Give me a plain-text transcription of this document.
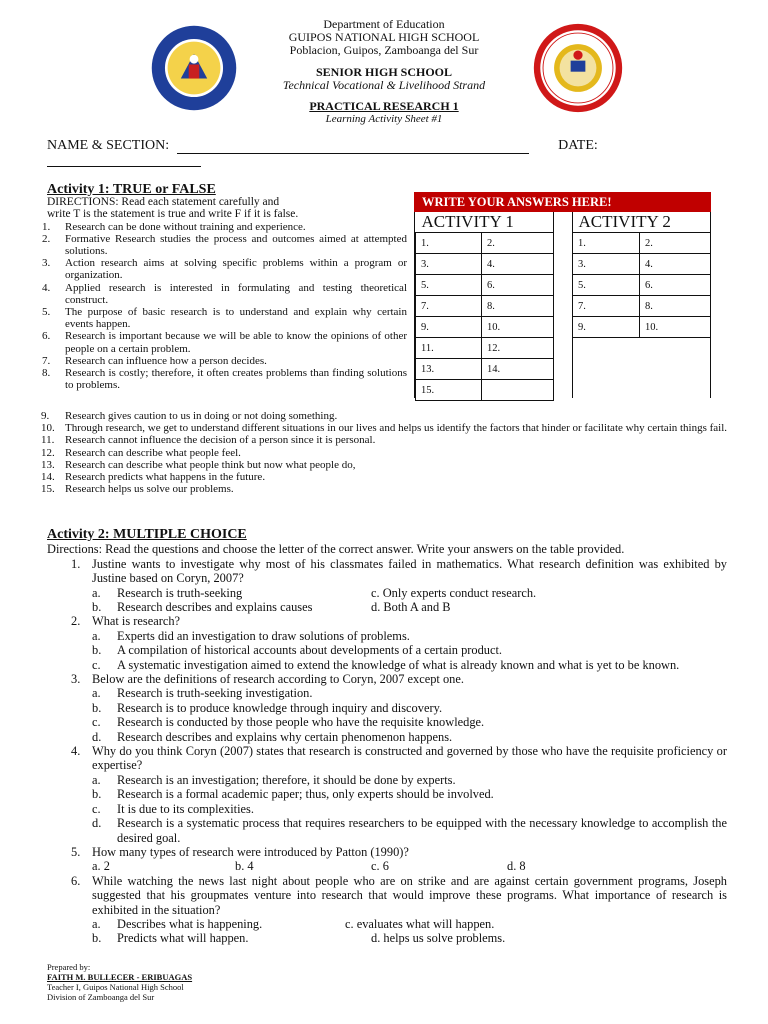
Department of Education
GUIPOS NATIONAL HIGH SCHOOL
Poblacion, Guipos, Zamboanga del Sur
SENIOR HIGH SCHOOL
Technical Vocational & Livelihood Strand
PRACTICAL RESEARCH 1
Learning Activity Sheet #1
NAME & SECTION:	DATE:
Activity 1: TRUE or FALSE
DIRECTIONS: Read each statement carefully and
write T is the statement is true and write F if it is false.
1. Research can be done without training and experience.
2. Formative Research studies the process and outcomes aimed at attempted solutions.
3. Action research aims at solving specific problems within a program or organization.
4. Applied research is interested in formulating and testing theoretical construct.
5. The purpose of basic research is to understand and explain why certain events happen.
6. Research is important because we will be able to know the opinions of other people on a certain problem.
7. Research can influence how a person decides.
8. Research is costly; therefore, it often creates problems than finding solutions to problems.
9. Research gives caution to us in doing or not doing something.
10. Through research, we get to understand different situations in our lives and helps us identify the factors that hinder or facilitate why certain things fail.
11. Research cannot influence the decision of a person since it is personal.
12. Research can describe what people feel.
13. Research can describe what people think but now what people do,
14. Research predicts what happens in the future.
15. Research helps us solve our problems.
WRITE YOUR ANSWERS HERE!
ACTIVITY 1	
1.	2.
3.	4.
5.	6.
7.	8.
9.	10.
11.	12.
13.	14.
15.	
ACTIVITY 2	
1.	2.
3.	4.
5.	6.
7.	8.
9.	10.
Activity 2: MULTIPLE CHOICE
Directions: Read the questions and choose the letter of the correct answer. Write your answers on the table provided.
1. Justine wants to investigate why most of his classmates failed in mathematics. What research definition was exhibited by Justine based on Coryn, 2007?
a. Research is truth-seeking	c. Only experts conduct research.
b. Research describes and explains causes	d. Both A and B
2. What is research?
a. Experts did an investigation to draw solutions of problems.
b. A compilation of historical accounts about developments of a certain product.
c. A systematic investigation aimed to extend the knowledge of what is already known and what is yet to be known.
3. Below are the definitions of research according to Coryn, 2007 except one.
a. Research is truth-seeking investigation.
b. Research is to produce knowledge through inquiry and discovery.
c. Research is conducted by those people who have the requisite knowledge.
d. Research describes and explains why certain phenomenon happens.
4. Why do you think Coryn (2007) states that research is constructed and governed by those who have the requisite proficiency or expertise?
a. Research is an investigation; therefore, it should be done by experts.
b. Research is a formal academic paper; thus, only experts should be involved.
c. It is due to its complexities.
d. Research is a systematic process that requires researchers to be equipped with the necessary knowledge to accomplish the desired goal.
5. How many types of research were introduced by Patton (1990)?
a. 2	b. 4	c. 6	d. 8
6. While watching the news last night about people who are on strike and are against certain government programs, Joseph suggested that his groupmates venture into research that would improve these programs. What importance of research is exhibited in the situation?
a. Describes what is happening.	c. evaluates what will happen.
b. Predicts what will happen.	d. helps us solve problems.
Prepared by:
FAITH M. BULLECER - ERIBUAGAS
Teacher I, Guipos National High School
Division of Zamboanga del Sur
